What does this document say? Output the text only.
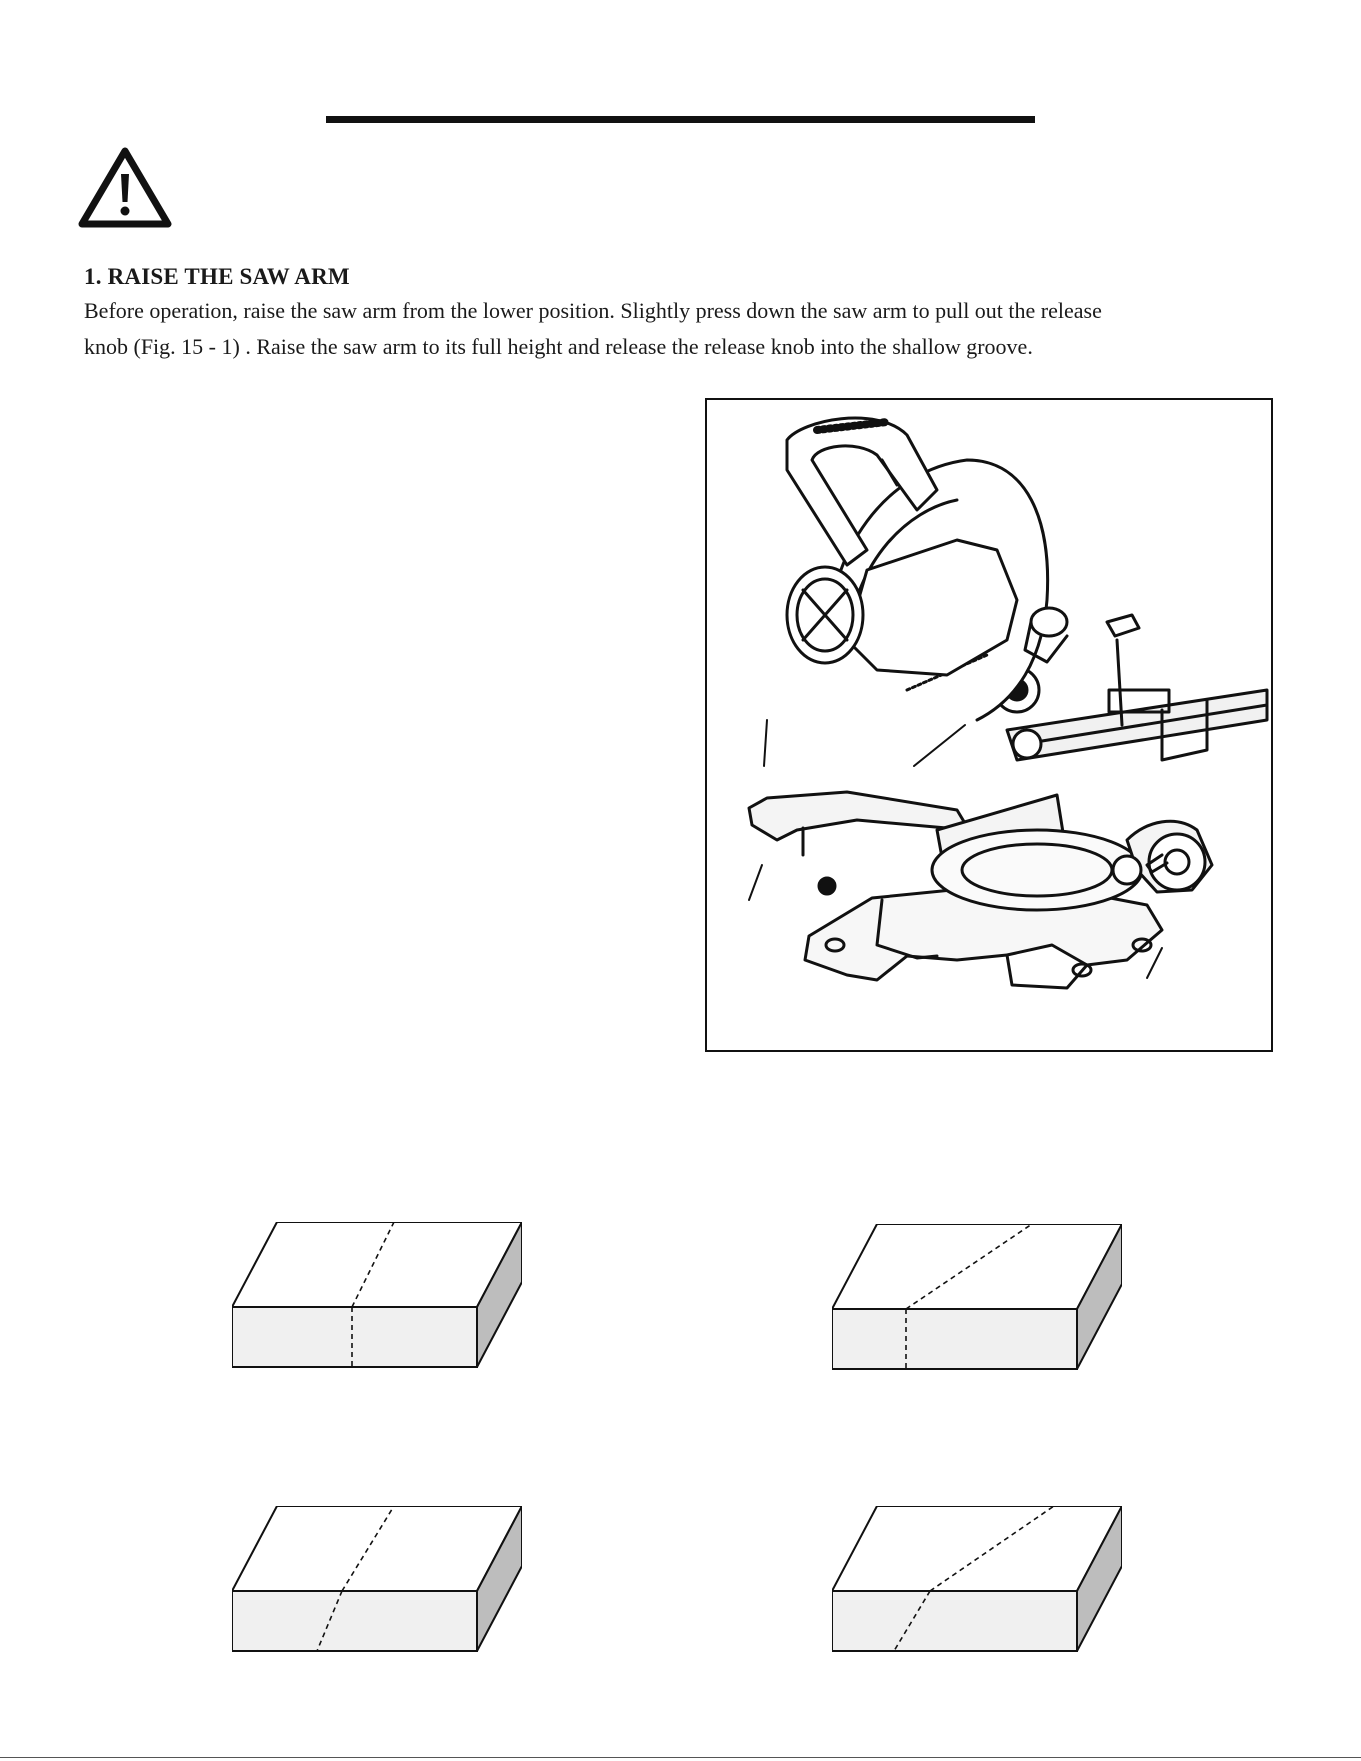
1. RAISE THE SAW ARM
Before operation, raise the saw arm from the lower position. Slightly press down the saw arm to pull out the release
knob (Fig. 15 - 1) . Raise the saw arm to its full height and release the release knob into the shallow groove.
